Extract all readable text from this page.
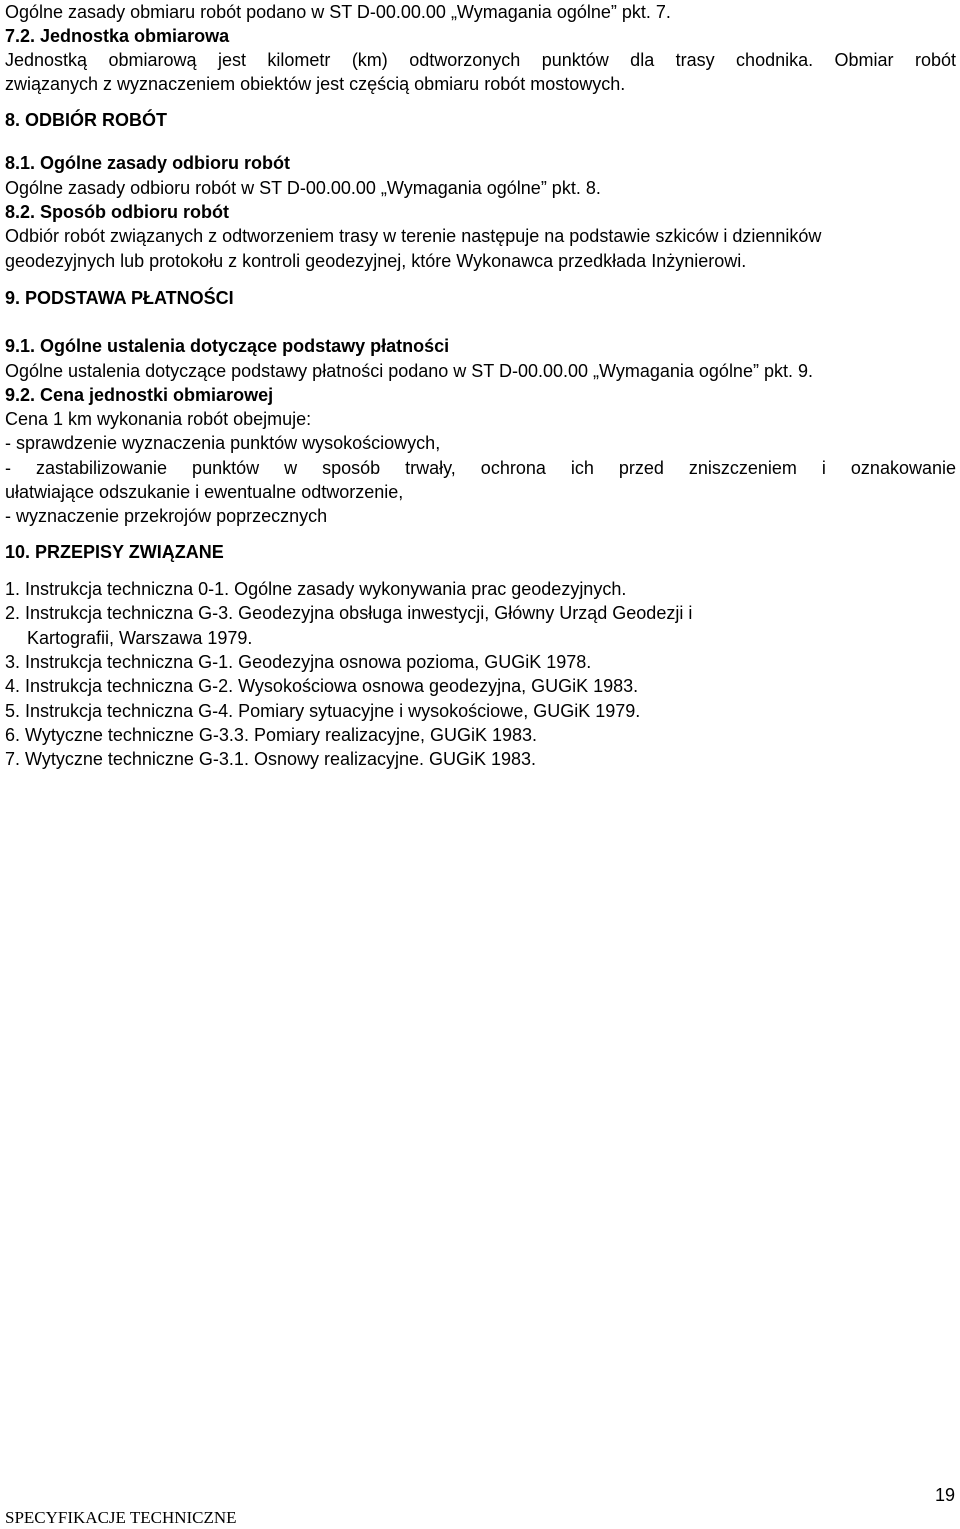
Ogólne zasady obmiaru robót podano w ST D-00.00.00 „Wymagania ogólne” pkt. 7.
7.2. Jednostka obmiarowa
Jednostką obmiarową jest kilometr (km) odtworzonych punktów dla trasy chodnika. Obmiar robót
związanych z wyznaczeniem obiektów jest częścią obmiaru robót mostowych.
8. ODBIÓR ROBÓT
8.1. Ogólne zasady odbioru robót
Ogólne zasady odbioru robót w ST D-00.00.00 „Wymagania ogólne” pkt. 8.
8.2. Sposób odbioru robót
Odbiór robót związanych z odtworzeniem trasy w terenie następuje na podstawie szkiców i dzienników
geodezyjnych lub protokołu z kontroli geodezyjnej, które Wykonawca przedkłada Inżynierowi.
9. PODSTAWA PŁATNOŚCI
9.1. Ogólne ustalenia dotyczące podstawy płatności
Ogólne ustalenia dotyczące podstawy płatności podano w ST D-00.00.00 „Wymagania ogólne” pkt. 9.
9.2. Cena jednostki obmiarowej
Cena 1 km wykonania robót obejmuje:
- sprawdzenie wyznaczenia punktów wysokościowych,
- zastabilizowanie punktów w sposób trwały, ochrona ich przed zniszczeniem i oznakowanie
ułatwiające odszukanie i ewentualne odtworzenie,
- wyznaczenie przekrojów poprzecznych
10. PRZEPISY ZWIĄZANE
1. Instrukcja techniczna 0-1. Ogólne zasady wykonywania prac geodezyjnych.
2. Instrukcja techniczna G-3. Geodezyjna obsługa inwestycji, Główny Urząd Geodezji i
Kartografii, Warszawa 1979.
3. Instrukcja techniczna G-1. Geodezyjna osnowa pozioma, GUGiK 1978.
4. Instrukcja techniczna G-2. Wysokościowa osnowa geodezyjna, GUGiK 1983.
5. Instrukcja techniczna G-4. Pomiary sytuacyjne i wysokościowe, GUGiK 1979.
6. Wytyczne techniczne G-3.3. Pomiary realizacyjne, GUGiK 1983.
7. Wytyczne techniczne G-3.1. Osnowy realizacyjne. GUGiK 1983.
19
SPECYFIKACJE TECHNICZNE
